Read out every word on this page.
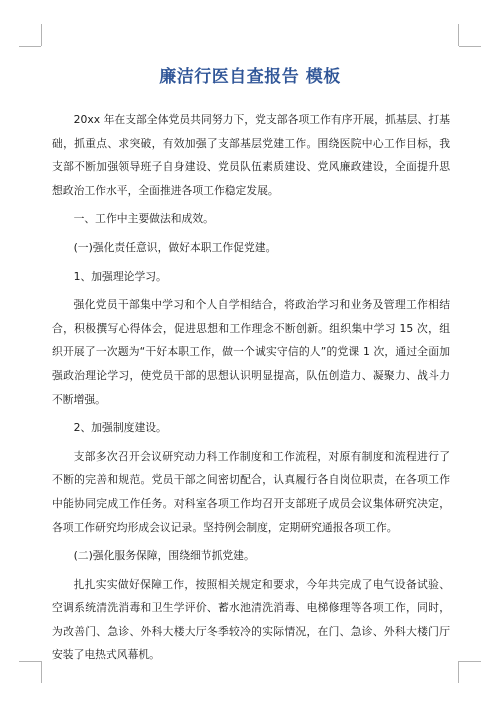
廉洁行医自查报告 模板

20xx 年在支部全体党员共同努力下，党支部各项工作有序开展，抓基层、打基础，抓重点、求突破，有效加强了支部基层党建工作。围绕医院中心工作目标，我支部不断加强领导班子自身建设、党员队伍素质建设、党风廉政建设，全面提升思想政治工作水平，全面推进各项工作稳定发展。

一、工作中主要做法和成效。

(一)强化责任意识，做好本职工作促党建。

1、加强理论学习。

强化党员干部集中学习和个人自学相结合，将政治学习和业务及管理工作相结合，积极撰写心得体会，促进思想和工作理念不断创新。组织集中学习 15 次，组织开展了一次题为“干好本职工作，做一个诚实守信的人”的党课 1 次，通过全面加强政治理论学习，使党员干部的思想认识明显提高，队伍创造力、凝聚力、战斗力不断增强。

2、加强制度建设。

支部多次召开会议研究动力科工作制度和工作流程，对原有制度和流程进行了不断的完善和规范。党员干部之间密切配合，认真履行各自岗位职责，在各项工作中能协同完成工作任务。对科室各项工作均召开支部班子成员会议集体研究决定，各项工作研究均形成会议记录。坚持例会制度，定期研究通报各项工作。

(二)强化服务保障，围绕细节抓党建。

扎扎实实做好保障工作，按照相关规定和要求，今年共完成了电气设备试验、空调系统清洗消毒和卫生学评价、蓄水池清洗消毒、电梯修理等各项工作，同时，为改善门、急诊、外科大楼大厅冬季较冷的实际情况，在门、急诊、外科大楼门厅安装了电热式风幕机。
